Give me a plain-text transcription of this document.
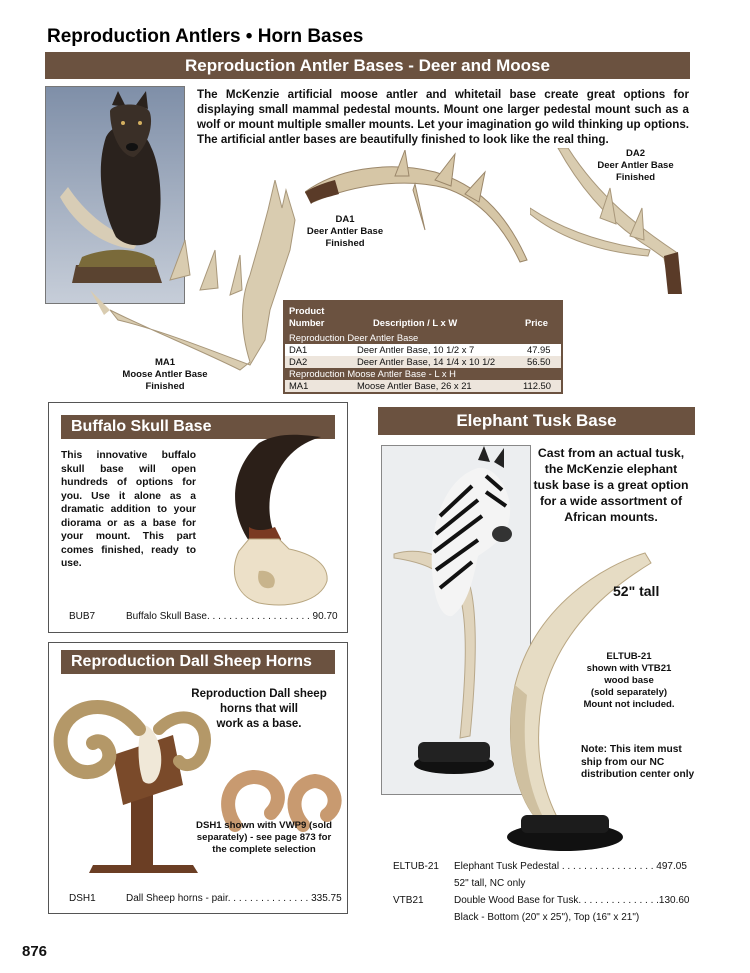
Reproduction Antlers • Horn Bases
Reproduction Antler Bases - Deer and Moose
The McKenzie artificial moose antler and whitetail base create great options for displaying small mammal pedestal mounts. Mount one larger pedestal mount such as a wolf or mount multiple smaller mounts. Let your imagination go wild thinking up options. The artificial antler bases are beautifully finished to look like the real thing.
DA1
Deer Antler Base
Finished
DA2
Deer Antler Base
Finished
MA1
Moose Antler Base
Finished
Product
Number	Description / L x W	Price
Reproduction Deer Antler Base
DA1	Deer Antler Base, 10 1/2 x 7	47.95
DA2	Deer Antler Base, 14 1/4 x 10 1/2	56.50
Reproduction Moose Antler Base - L x H
MA1	Moose Antler Base, 26 x 21	112.50
Buffalo Skull Base
This innovative buffalo skull base will open hundreds of options for you. Use it alone as a dramatic addition to your diorama or as a base for your mount. This part comes finished, ready to use.
BUB7	Buffalo Skull Base. . . . . . . . . . . . . . . . . . . 90.70
Reproduction Dall Sheep Horns
Reproduction Dall sheep
horns that will
work as a base.
DSH1 shown with VWP9 (sold
separately) - see page 873 for
the complete selection
DSH1	Dall Sheep horns - pair. . . . . . . . . . . . . . . 335.75
Elephant Tusk Base
Cast from an actual tusk,
the McKenzie elephant
tusk base is a great option
for a wide assortment of
African mounts.
52" tall
ELTUB-21
shown with VTB21
wood base
(sold separately)
Mount not included.
Note: This item must
ship from our NC
distribution center only
ELTUB-21 Elephant Tusk Pedestal . . . . . . . . . . . . . . . . . 497.05
52" tall, NC only
VTB21	Double Wood Base for Tusk. . . . . . . . . . . . . . .130.60
Black - Bottom (20" x 25"), Top (16" x 21")
876
